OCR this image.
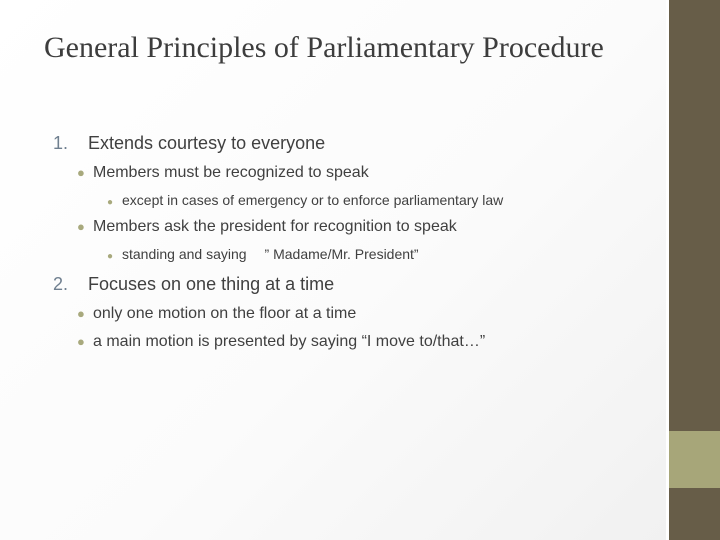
General Principles of Parliamentary Procedure
1. Extends courtesy to everyone
● Members must be recognized to speak
● except in cases of emergency or to enforce parliamentary law
● Members ask the president for recognition to speak
● standing and saying ” Madame/Mr. President”
2. Focuses on one thing at a time
● only one motion on the floor at a time
● a main motion is presented by saying “I move to/that…”
